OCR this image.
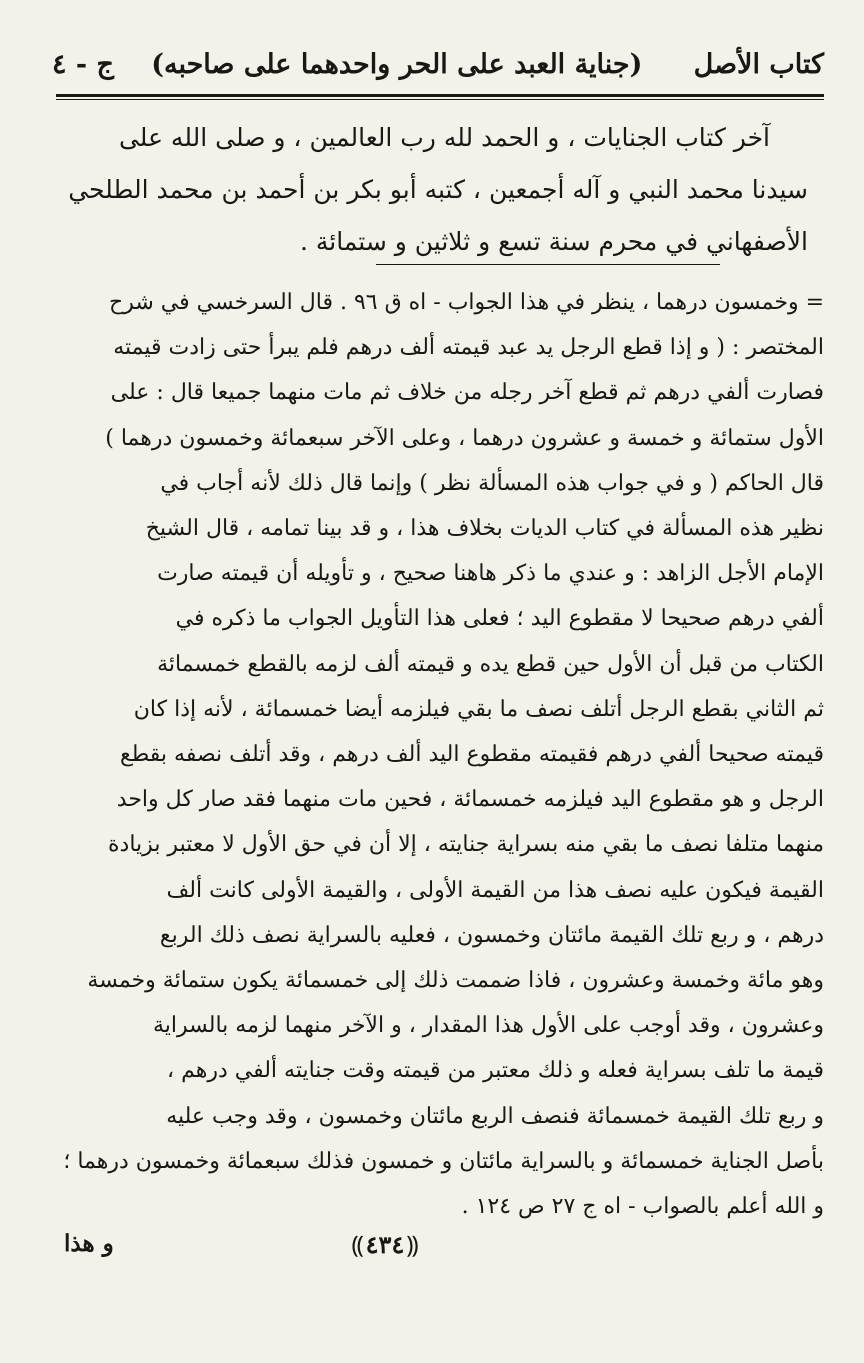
كتاب الأصل
(جناية العبد على الحر واحدهما على صاحبه)
ج - ٤

آخر كتاب الجنايات ، و الحمد لله رب العالمين ، و صلى الله على

سيدنا محمد النبي و آله أجمعين ، كتبه أبو بكر بن أحمد بن محمد الطلحي

الأصفهاني في محرم سنة تسع و ثلاثين و ستمائة .

= وخمسون درهما ، ينظر في هذا الجواب - اه ق ٩٦ . قال السرخسي في شرح

المختصر : ( و إذا قطع الرجل يد عبد قيمته ألف درهم فلم يبرأ حتى زادت قيمته

فصارت ألفي درهم ثم قطع آخر رجله من خلاف ثم مات منهما جميعا قال : على

الأول ستمائة و خمسة و عشرون درهما ، وعلى الآخر سبعمائة وخمسون درهما )

قال الحاكم ( و في جواب هذه المسألة نظر ) وإنما قال ذلك لأنه أجاب في

نظير هذه المسألة في كتاب الديات بخلاف هذا ، و قد بينا تمامه ، قال الشيخ

الإمام الأجل الزاهد : و عندي ما ذكر هاهنا صحيح ، و تأويله أن قيمته صارت

ألفي درهم صحيحا لا مقطوع اليد ؛ فعلى هذا التأويل الجواب ما ذكره في

الكتاب من قبل أن الأول حين قطع يده و قيمته ألف لزمه بالقطع خمسمائة

ثم الثاني بقطع الرجل أتلف نصف ما بقي فيلزمه أيضا خمسمائة ، لأنه إذا كان

قيمته صحيحا ألفي درهم فقيمته مقطوع اليد ألف درهم ، وقد أتلف نصفه بقطع

الرجل و هو مقطوع اليد فيلزمه خمسمائة ، فحين مات منهما فقد صار كل واحد

منهما متلفا نصف ما بقي منه بسراية جنايته ، إلا أن في حق الأول لا معتبر بزيادة

القيمة فيكون عليه نصف هذا من القيمة الأولى ، والقيمة الأولى كانت ألف

درهم ، و ربع تلك القيمة مائتان وخمسون ، فعليه بالسراية نصف ذلك الربع

وهو مائة وخمسة وعشرون ، فاذا ضممت ذلك إلى خمسمائة يكون ستمائة وخمسة

وعشرون ، وقد أوجب على الأول هذا المقدار ، و الآخر منهما لزمه بالسراية

قيمة ما تلف بسراية فعله و ذلك معتبر من قيمته وقت جنايته ألفي درهم ،

و ربع تلك القيمة خمسمائة فنصف الربع مائتان وخمسون ، وقد وجب عليه

بأصل الجناية خمسمائة و بالسراية مائتان و خمسون فذلك سبعمائة وخمسون درهما ؛

و الله أعلم بالصواب - اه ج ٢٧ ص ١٢٤ .

⸨ ٤٣٤ ⸩
و هذا
